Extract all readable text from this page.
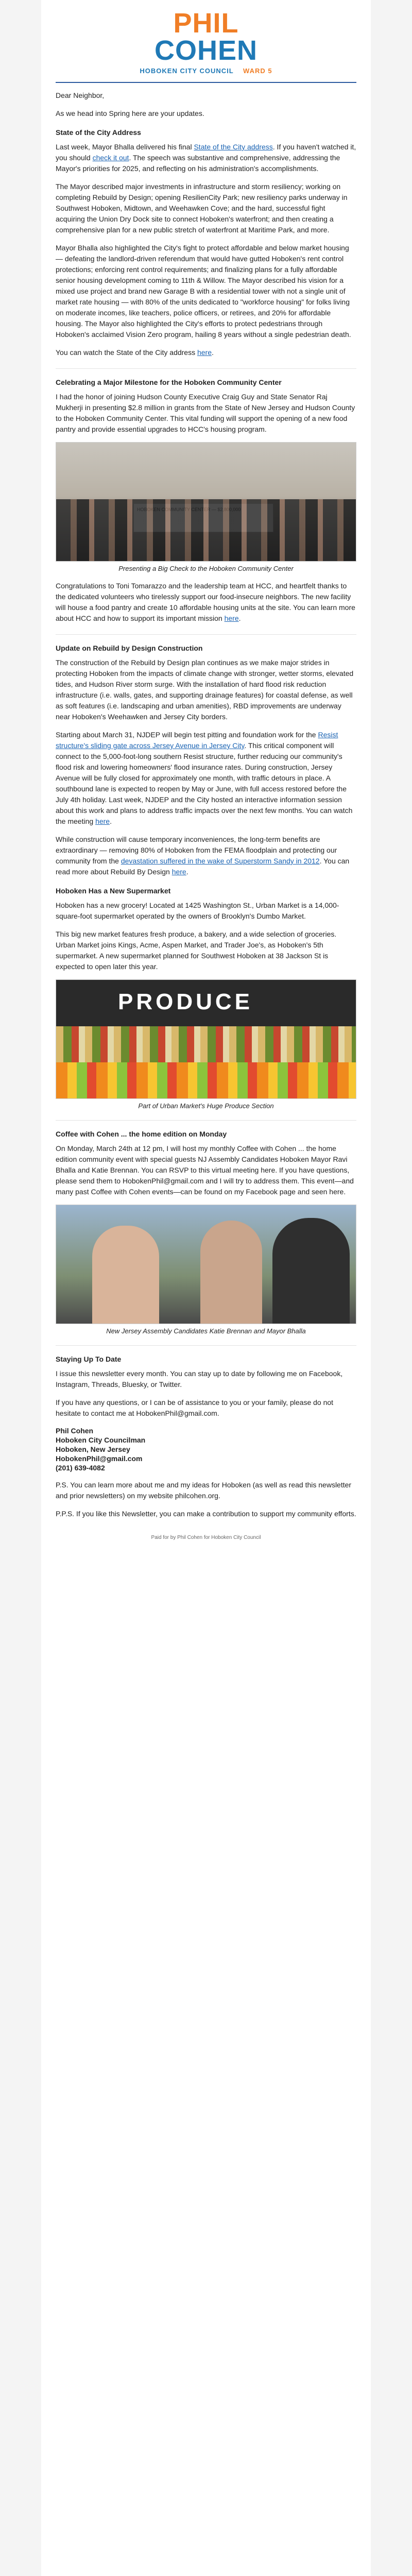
PHIL
COHEN
HOBOKEN CITY COUNCIL WARD 5

Dear Neighbor,

As we head into Spring here are your updates.

State of the City Address

Last week, Mayor Bhalla delivered his final State of the City address. If you haven't watched it, you should check it out. The speech was substantive and comprehensive, addressing the Mayor's priorities for 2025, and reflecting on his administration's accomplishments.

The Mayor described major investments in infrastructure and storm resiliency; working on completing Rebuild by Design; opening ResilienCity Park; new resiliency parks underway in Southwest Hoboken, Midtown, and Weehawken Cove; and the hard, successful fight acquiring the Union Dry Dock site to connect Hoboken's waterfront; and then creating a comprehensive plan for a new public stretch of waterfront at Maritime Park, and more.

Mayor Bhalla also highlighted the City's fight to protect affordable and below market housing — defeating the landlord-driven referendum that would have gutted Hoboken's rent control protections; enforcing rent control requirements; and finalizing plans for a fully affordable senior housing development coming to 11th & Willow. The Mayor described his vision for a mixed use project and brand new Garage B with a residential tower with not a single unit of market rate housing — with 80% of the units dedicated to "workforce housing" for folks living on moderate incomes, like teachers, police officers, or retirees, and 20% for affordable housing. The Mayor also highlighted the City's efforts to protect pedestrians through Hoboken's acclaimed Vision Zero program, hailing 8 years without a single pedestrian death.

You can watch the State of the City address here.

Celebrating a Major Milestone for the Hoboken Community Center

I had the honor of joining Hudson County Executive Craig Guy and State Senator Raj Mukherji in presenting $2.8 million in grants from the State of New Jersey and Hudson County to the Hoboken Community Center. This vital funding will support the opening of a new food pantry and provide essential upgrades to HCC's housing program.

Presenting a Big Check to the Hoboken Community Center

Congratulations to Toni Tomarazzo and the leadership team at HCC, and heartfelt thanks to the dedicated volunteers who tirelessly support our food-insecure neighbors. The new facility will house a food pantry and create 10 affordable housing units at the site. You can learn more about HCC and how to support its important mission here.

Update on Rebuild by Design Construction

The construction of the Rebuild by Design plan continues as we make major strides in protecting Hoboken from the impacts of climate change with stronger, wetter storms, elevated tides, and Hudson River storm surge. With the installation of hard flood risk reduction infrastructure (i.e. walls, gates, and supporting drainage features) for coastal defense, as well as soft features (i.e. landscaping and urban amenities), RBD improvements are underway near Hoboken's Weehawken and Jersey City borders.

Starting about March 31, NJDEP will begin test pitting and foundation work for the Resist structure's sliding gate across Jersey Avenue in Jersey City. This critical component will connect to the 5,000-foot-long southern Resist structure, further reducing our community's flood risk and lowering homeowners' flood insurance rates. During construction, Jersey Avenue will be fully closed for approximately one month, with traffic detours in place. A southbound lane is expected to reopen by May or June, with full access restored before the July 4th holiday. Last week, NJDEP and the City hosted an interactive information session about this work and plans to address traffic impacts over the next few months. You can watch the meeting here.

While construction will cause temporary inconveniences, the long-term benefits are extraordinary — removing 80% of Hoboken from the FEMA floodplain and protecting our community from the devastation suffered in the wake of Superstorm Sandy in 2012. You can read more about Rebuild By Design here.

Hoboken Has a New Supermarket

Hoboken has a new grocery! Located at 1425 Washington St., Urban Market is a 14,000-square-foot supermarket operated by the owners of Brooklyn's Dumbo Market.

This big new market features fresh produce, a bakery, and a wide selection of groceries. Urban Market joins Kings, Acme, Aspen Market, and Trader Joe's, as Hoboken's 5th supermarket. A new supermarket planned for Southwest Hoboken at 38 Jackson St is expected to open later this year.

PRODUCE
Part of Urban Market's Huge Produce Section
Coffee with Cohen ... the home edition on Monday

On Monday, March 24th at 12 pm, I will host my monthly Coffee with Cohen ... the home edition community event with special guests NJ Assembly Candidates Hoboken Mayor Ravi Bhalla and Katie Brennan. You can RSVP to this virtual meeting here. If you have questions, please send them to HobokenPhil@gmail.com and I will try to address them. This event—and many past Coffee with Cohen events—can be found on my Facebook page and seen here.

New Jersey Assembly Candidates Katie Brennan and Mayor Bhalla
Staying Up To Date

I issue this newsletter every month. You can stay up to date by following me on Facebook, Instagram, Threads, Bluesky, or Twitter.

If you have any questions, or I can be of assistance to you or your family, please do not hesitate to contact me at HobokenPhil@gmail.com.

Phil Cohen
Hoboken City Councilman
Hoboken, New Jersey
HobokenPhil@gmail.com
(201) 639-4082

P.S. You can learn more about me and my ideas for Hoboken (as well as read this newsletter and prior newsletters) on my website philcohen.org.

P.P.S. If you like this Newsletter, you can make a contribution to support my community efforts.

Paid for by Phil Cohen for Hoboken City Council
